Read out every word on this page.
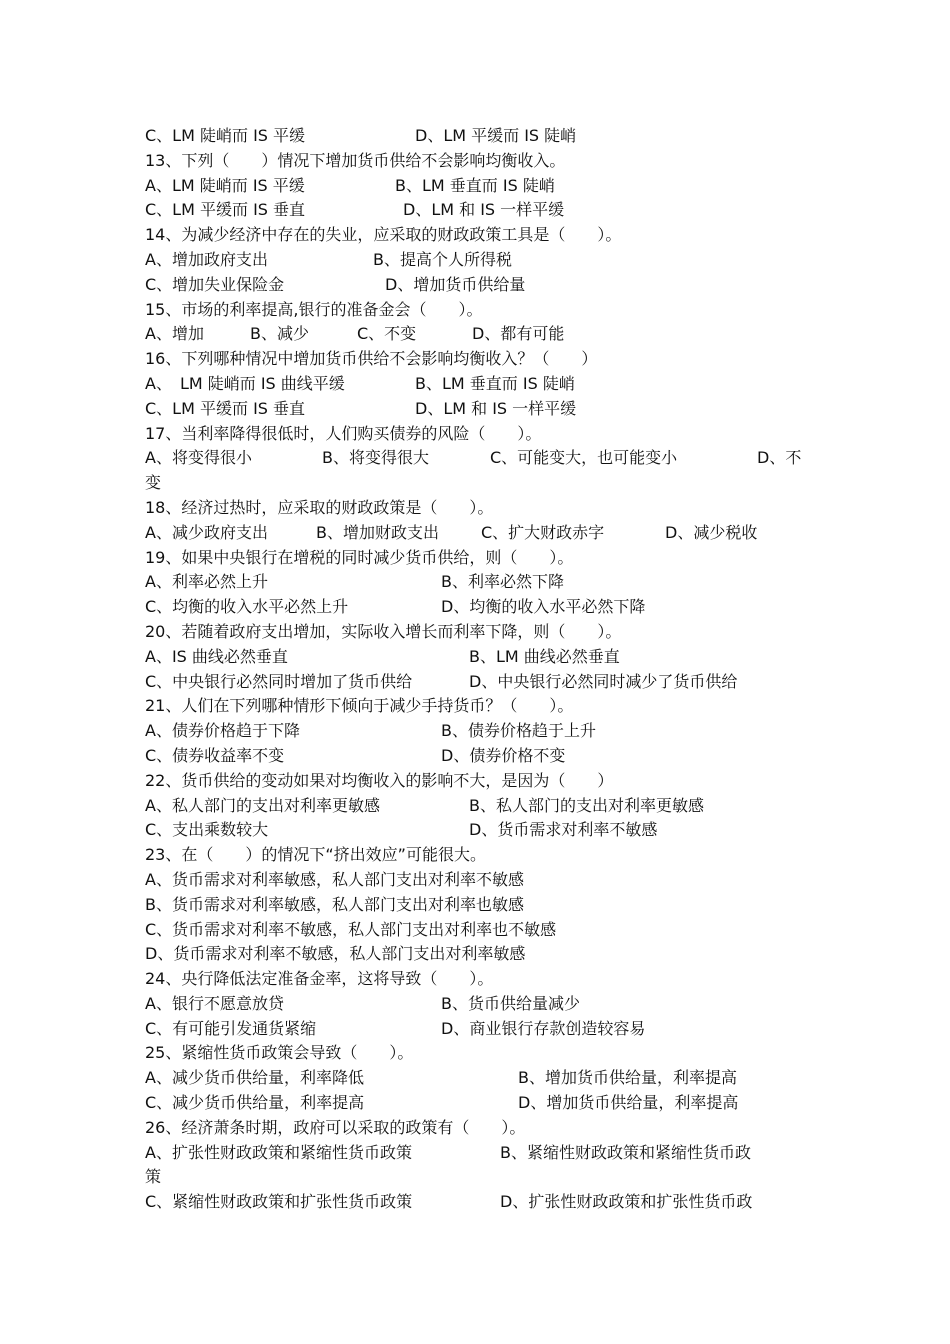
C、LM 陡峭而 IS 平缓	D、LM 平缓而 IS 陡峭
13、下列（　　）情况下增加货币供给不会影响均衡收入。
A、LM 陡峭而 IS 平缓	B、LM 垂直而 IS 陡峭
C、LM 平缓而 IS 垂直	D、LM 和 IS 一样平缓
14、为减少经济中存在的失业，应采取的财政政策工具是（　　）。
A、增加政府支出	B、提高个人所得税
C、增加失业保险金	D、增加货币供给量
15、市场的利率提高,银行的准备金会（　　）。
A、增加	B、减少	C、不变	D、都有可能
16、下列哪种情况中增加货币供给不会影响均衡收入？（　　）
A、　LM 陡峭而 IS 曲线平缓	B、LM 垂直而 IS 陡峭
C、LM 平缓而 IS 垂直	D、LM 和 IS 一样平缓
17、当利率降得很低时，人们购买债券的风险（　　）。
A、将变得很小	B、将变得很大	C、可能变大，也可能变小	D、不
变
18、经济过热时，应采取的财政政策是（　　）。
A、减少政府支出	B、增加财政支出	C、扩大财政赤字	D、减少税收
19、如果中央银行在增税的同时减少货币供给，则（　　）。
A、利率必然上升	B、利率必然下降
C、均衡的收入水平必然上升	D、均衡的收入水平必然下降
20、若随着政府支出增加，实际收入增长而利率下降，则（　　）。
A、IS 曲线必然垂直	B、LM 曲线必然垂直
C、中央银行必然同时增加了货币供给	D、中央银行必然同时减少了货币供给
21、人们在下列哪种情形下倾向于减少手持货币？（　　）。
A、债券价格趋于下降	B、债券价格趋于上升
C、债券收益率不变	D、债券价格不变
22、货币供给的变动如果对均衡收入的影响不大，是因为（　　）
A、私人部门的支出对利率更敏感	B、私人部门的支出对利率更敏感
C、支出乘数较大	D、货币需求对利率不敏感
23、在（　　）的情况下“挤出效应”可能很大。
A、货币需求对利率敏感，私人部门支出对利率不敏感
B、货币需求对利率敏感，私人部门支出对利率也敏感
C、货币需求对利率不敏感，私人部门支出对利率也不敏感
D、货币需求对利率不敏感，私人部门支出对利率敏感
24、央行降低法定准备金率，这将导致（　　）。
A、银行不愿意放贷	B、货币供给量减少
C、有可能引发通货紧缩	D、商业银行存款创造较容易
25、紧缩性货币政策会导致（　　）。
A、减少货币供给量，利率降低	B、增加货币供给量，利率提高
C、减少货币供给量，利率提高	D、增加货币供给量，利率提高
26、经济萧条时期，政府可以采取的政策有（　　）。
A、扩张性财政政策和紧缩性货币政策	B、紧缩性财政政策和紧缩性货币政
策
C、紧缩性财政政策和扩张性货币政策	D、扩张性财政政策和扩张性货币政
